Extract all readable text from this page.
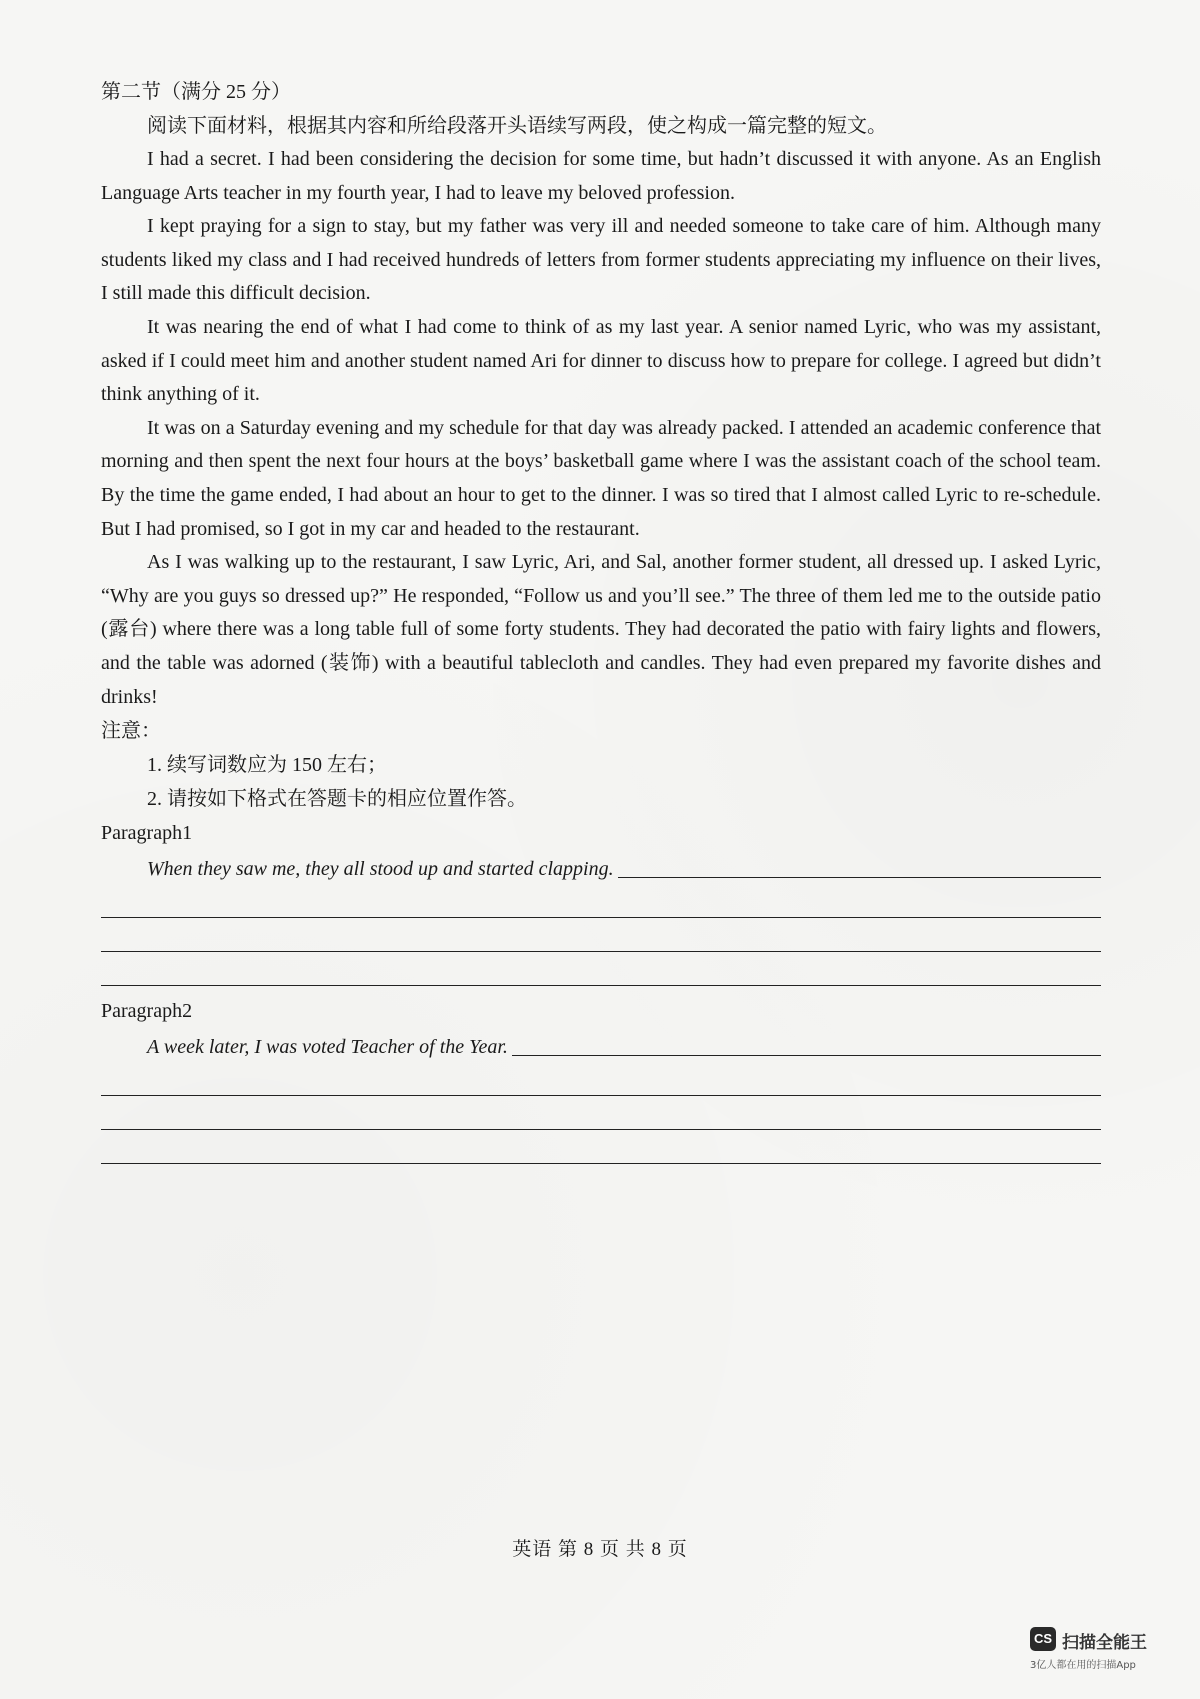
第二节（满分 25 分）

阅读下面材料，根据其内容和所给段落开头语续写两段，使之构成一篇完整的短文。

I had a secret. I had been considering the decision for some time, but hadn’t discussed it with anyone. As an English Language Arts teacher in my fourth year, I had to leave my beloved profession.

I kept praying for a sign to stay, but my father was very ill and needed someone to take care of him. Although many students liked my class and I had received hundreds of letters from former students appreciating my influence on their lives, I still made this difficult decision.

It was nearing the end of what I had come to think of as my last year. A senior named Lyric, who was my assistant, asked if I could meet him and another student named Ari for dinner to discuss how to prepare for college. I agreed but didn’t think anything of it.

It was on a Saturday evening and my schedule for that day was already packed. I attended an academic conference that morning and then spent the next four hours at the boys’ basketball game where I was the assistant coach of the school team. By the time the game ended, I had about an hour to get to the dinner. I was so tired that I almost called Lyric to re-schedule. But I had promised, so I got in my car and headed to the restaurant.

As I was walking up to the restaurant, I saw Lyric, Ari, and Sal, another former student, all dressed up. I asked Lyric, “Why are you guys so dressed up?” He responded, “Follow us and you’ll see.” The three of them led me to the outside patio (露台) where there was a long table full of some forty students. They had decorated the patio with fairy lights and flowers, and the table was adorned (装饰) with a beautiful tablecloth and candles. They had even prepared my favorite dishes and drinks!

注意：

1. 续写词数应为 150 左右；

2. 请按如下格式在答题卡的相应位置作答。

Paragraph1

When they saw me, they all stood up and started clapping.

Paragraph2

A week later, I was voted Teacher of the Year.
英语 第 8 页 共 8 页
CS 扫描全能王
3亿人都在用的扫描App
